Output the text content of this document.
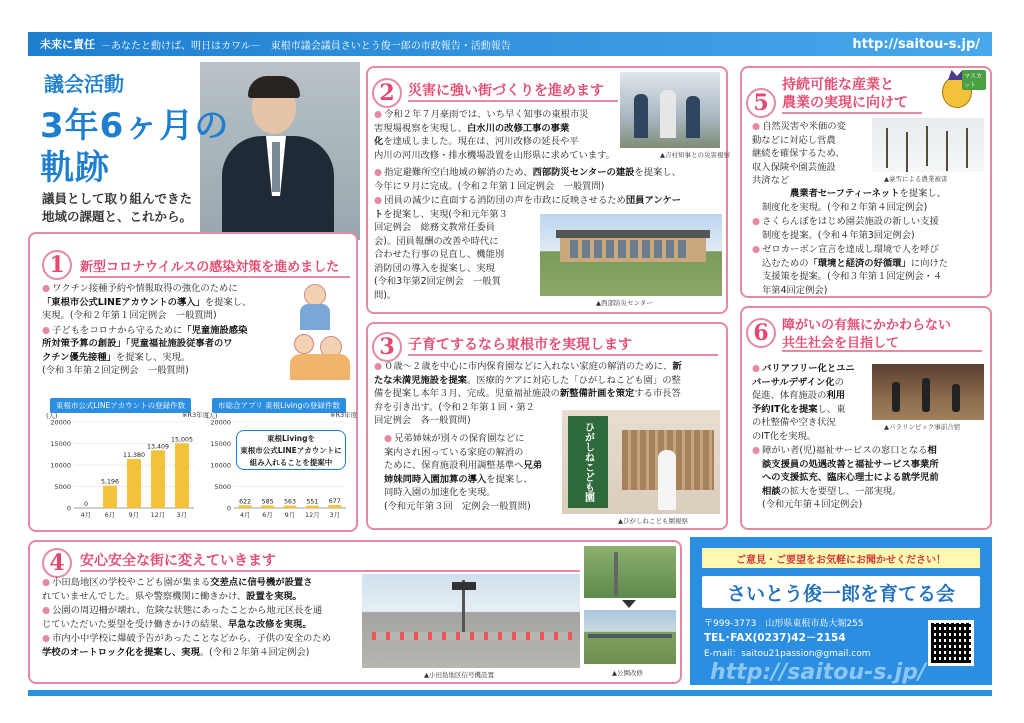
未来に責任 －あなたと動けば、明日はカワル－　東根市議会議員さいとう俊一郎の市政報告・活動報告	http://saitou-s.jp/
議会活動
3年6ヶ月の
軌跡
議員として取り組んできた
地域の課題と、これから。
1	新型コロナウイルスの感染対策を進めました

● ワクチン接種予約や情報取得の強化のために
「東根市公式LINEアカウントの導入」を提案し、
実現。(令和２年第１回定例会　一般質問)

● 子どもをコロナから守るために「児童施設感染
所対策予算の創設」「児童福祉施設従事者のワ
クチン優先接種」を提案し、実現。
(令和３年第２回定例会　一般質問)

東根市公式LINEアカウントの登録件数
※R3年度
(人)
0
5000
10000
15000
20000
0
4月
5,196
6月
11,380
9月
13,409
12月
15,005
3月
市総合アプリ 東根Livingの登録件数
※R3年度
(人)
0
5000
10000
15000
20000
622
4月
585
6月
563
9月
551
12月
677
3月
東根Livingを
東根市公式LINEアカウントに
組み入れることを提案中
2 災害に強い街づくりを進めます
▲吉村知事との災害視察

● 令和２年７月豪雨では、いち早く知事の東根市災
害現場視察を実現し、白水川の改修工事の事業
化を達成しました。現在は、河川改修の延長や平
内川の河川改修・排水機場設置を山形県に求めています。

● 指定避難所空白地域の解消のため、西部防災センターの建設を提案し、
今年に９月に完成。(令和２年第１回定例会　一般質問)

● 団員の減少に直面する消防団の声を市政に反映させるため団員アンケー
トを提案し、実現(令和元年第３
回定例会　総務文教常任委員
会)。団員報酬の改善や時代に
合わせた行事の見直し、機能別
消防団の導入を提案し、実現
(令和3年第2回定例会　一般質
問)。

▲西部防災センター
3 子育てするなら東根市を実現します

● ０歳～２歳を中心に市内保育園などに入れない家庭の解消のために、新
たな未満児施設を提案。医療的ケアに対応した「ひがしねこども園」の整
備を提案し本年３月、完成。児童福祉施設の新整備計画を策定する市長答
弁を引き出す。(令和２年第１回・第２
回定例会　各一般質問)

● 兄弟姉妹が別々の保育園などに
案内され困っている家庭の解消の
ために、保育施設利用調整基準へ兄弟
姉妹同時入園加算の導入を提案し、
同時入園の加速化を実現。
(令和元年第３回　定例会一般質問)

ひがしねこども園
▲ひがしねこども園視察
4	安心安全な街に変えていきます

● 小田島地区の学校やこども園が集まる交差点に信号機が設置さ
れていませんでした。県や警察機関に働きかけ、設置を実現。

● 公園の周辺柵が壊れ、危険な状態にあったことから地元区長を通
じていただいた要望を受け働きかけの結果、早急な改修を実現。

● 市内小中学校に爆破予告があったことなどから、子供の安全のため
学校のオートロック化を提案し、実現。(令和２年第４回定例会)

▲小田島地区信号機設置	▲公園改修
5
持続可能な産業と
農業の実現に向けて
マスカット

● 自然災害や米価の変
動などに対応し営農
継続を確保するため、
収入保険や園芸施設
共済など	▲豪雪による農業被害

農業者セーフティーネットを提案し、
制度化を実現。(令和２年第４回定例会)

● さくらんぼをはじめ園芸施設の新しい支援
制度を提案。(令和４年第3回定例会)

● ゼロカーボン宣言を達成し環境で人を呼び
込むための「環境と経済の好循環」に向けた
支援策を提案。(令和３年第１回定例会・４
年第4回定例会)

6	障がいの有無にかかわらない
共生社会を目指して

● バリアフリー化とユニ
バーサルデザイン化の
促進、体育施設の利用
予約IT化を提案し、東
の杜整備や空き状況
のIT化を実現。

▲パラリンピック事前合宿

● 障がい者(児)福祉サービスの窓口となる相
談支援員の処遇改善と福祉サービス事業所
への支援拡充、臨床心理士による就学児前
相談の拡大を要望し、一部実現。
(令和元年第４回定例会)

ご意見・ご要望をお気軽にお聞かせください！
さいとう俊一郎を育てる会
〒999-3773　山形県東根市島大堀255
TEL･FAX(0237)42－2154
E-mail：saitou21passion@gmail.com
http://saitou-s.jp/
